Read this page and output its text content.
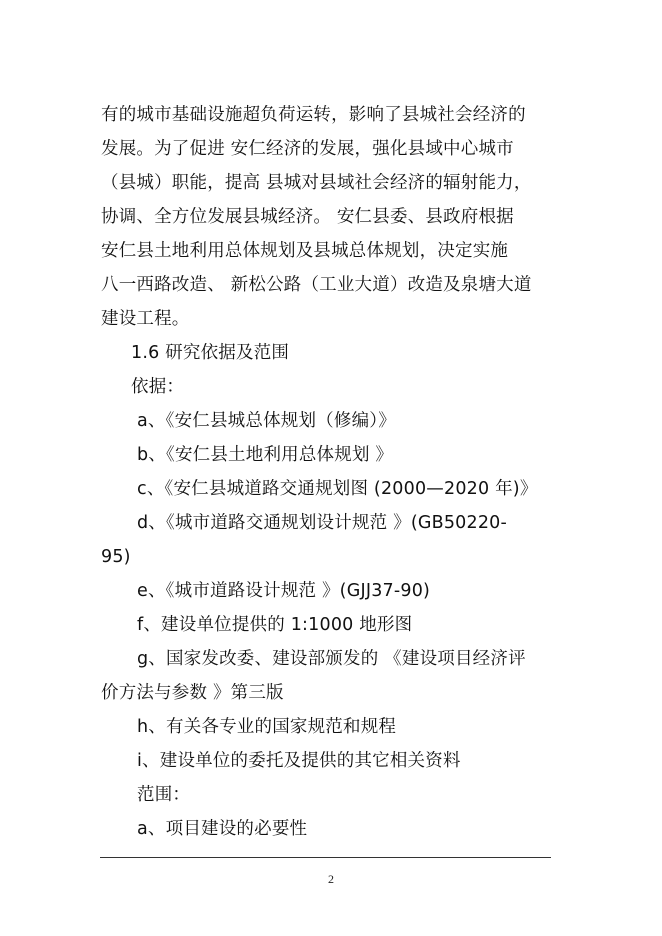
有的城市基础设施超负荷运转，影响了县城社会经济的
发展。为了促进 安仁经济的发展，强化县域中心城市
（县城）职能，提高 县城对县域社会经济的辐射能力，
协调、全方位发展县城经济。 安仁县委、县政府根据
安仁县土地利用总体规划及县城总体规划，决定实施
八一西路改造、 新松公路（工业大道）改造及泉塘大道
建设工程。
1.6 研究依据及范围
依据：
a、《安仁县城总体规划（修编）》
b、《安仁县土地利用总体规划 》
c、《安仁县城道路交通规划图 (2000—2020 年)》
d、《城市道路交通规划设计规范 》(GB50220-
95)
e、《城市道路设计规范 》(GJJ37-90)
f、建设单位提供的 1:1000 地形图
g、国家发改委、建设部颁发的 《建设项目经济评
价方法与参数 》第三版
h、有关各专业的国家规范和规程
i、建设单位的委托及提供的其它相关资料
范围：
a、项目建设的必要性
2
